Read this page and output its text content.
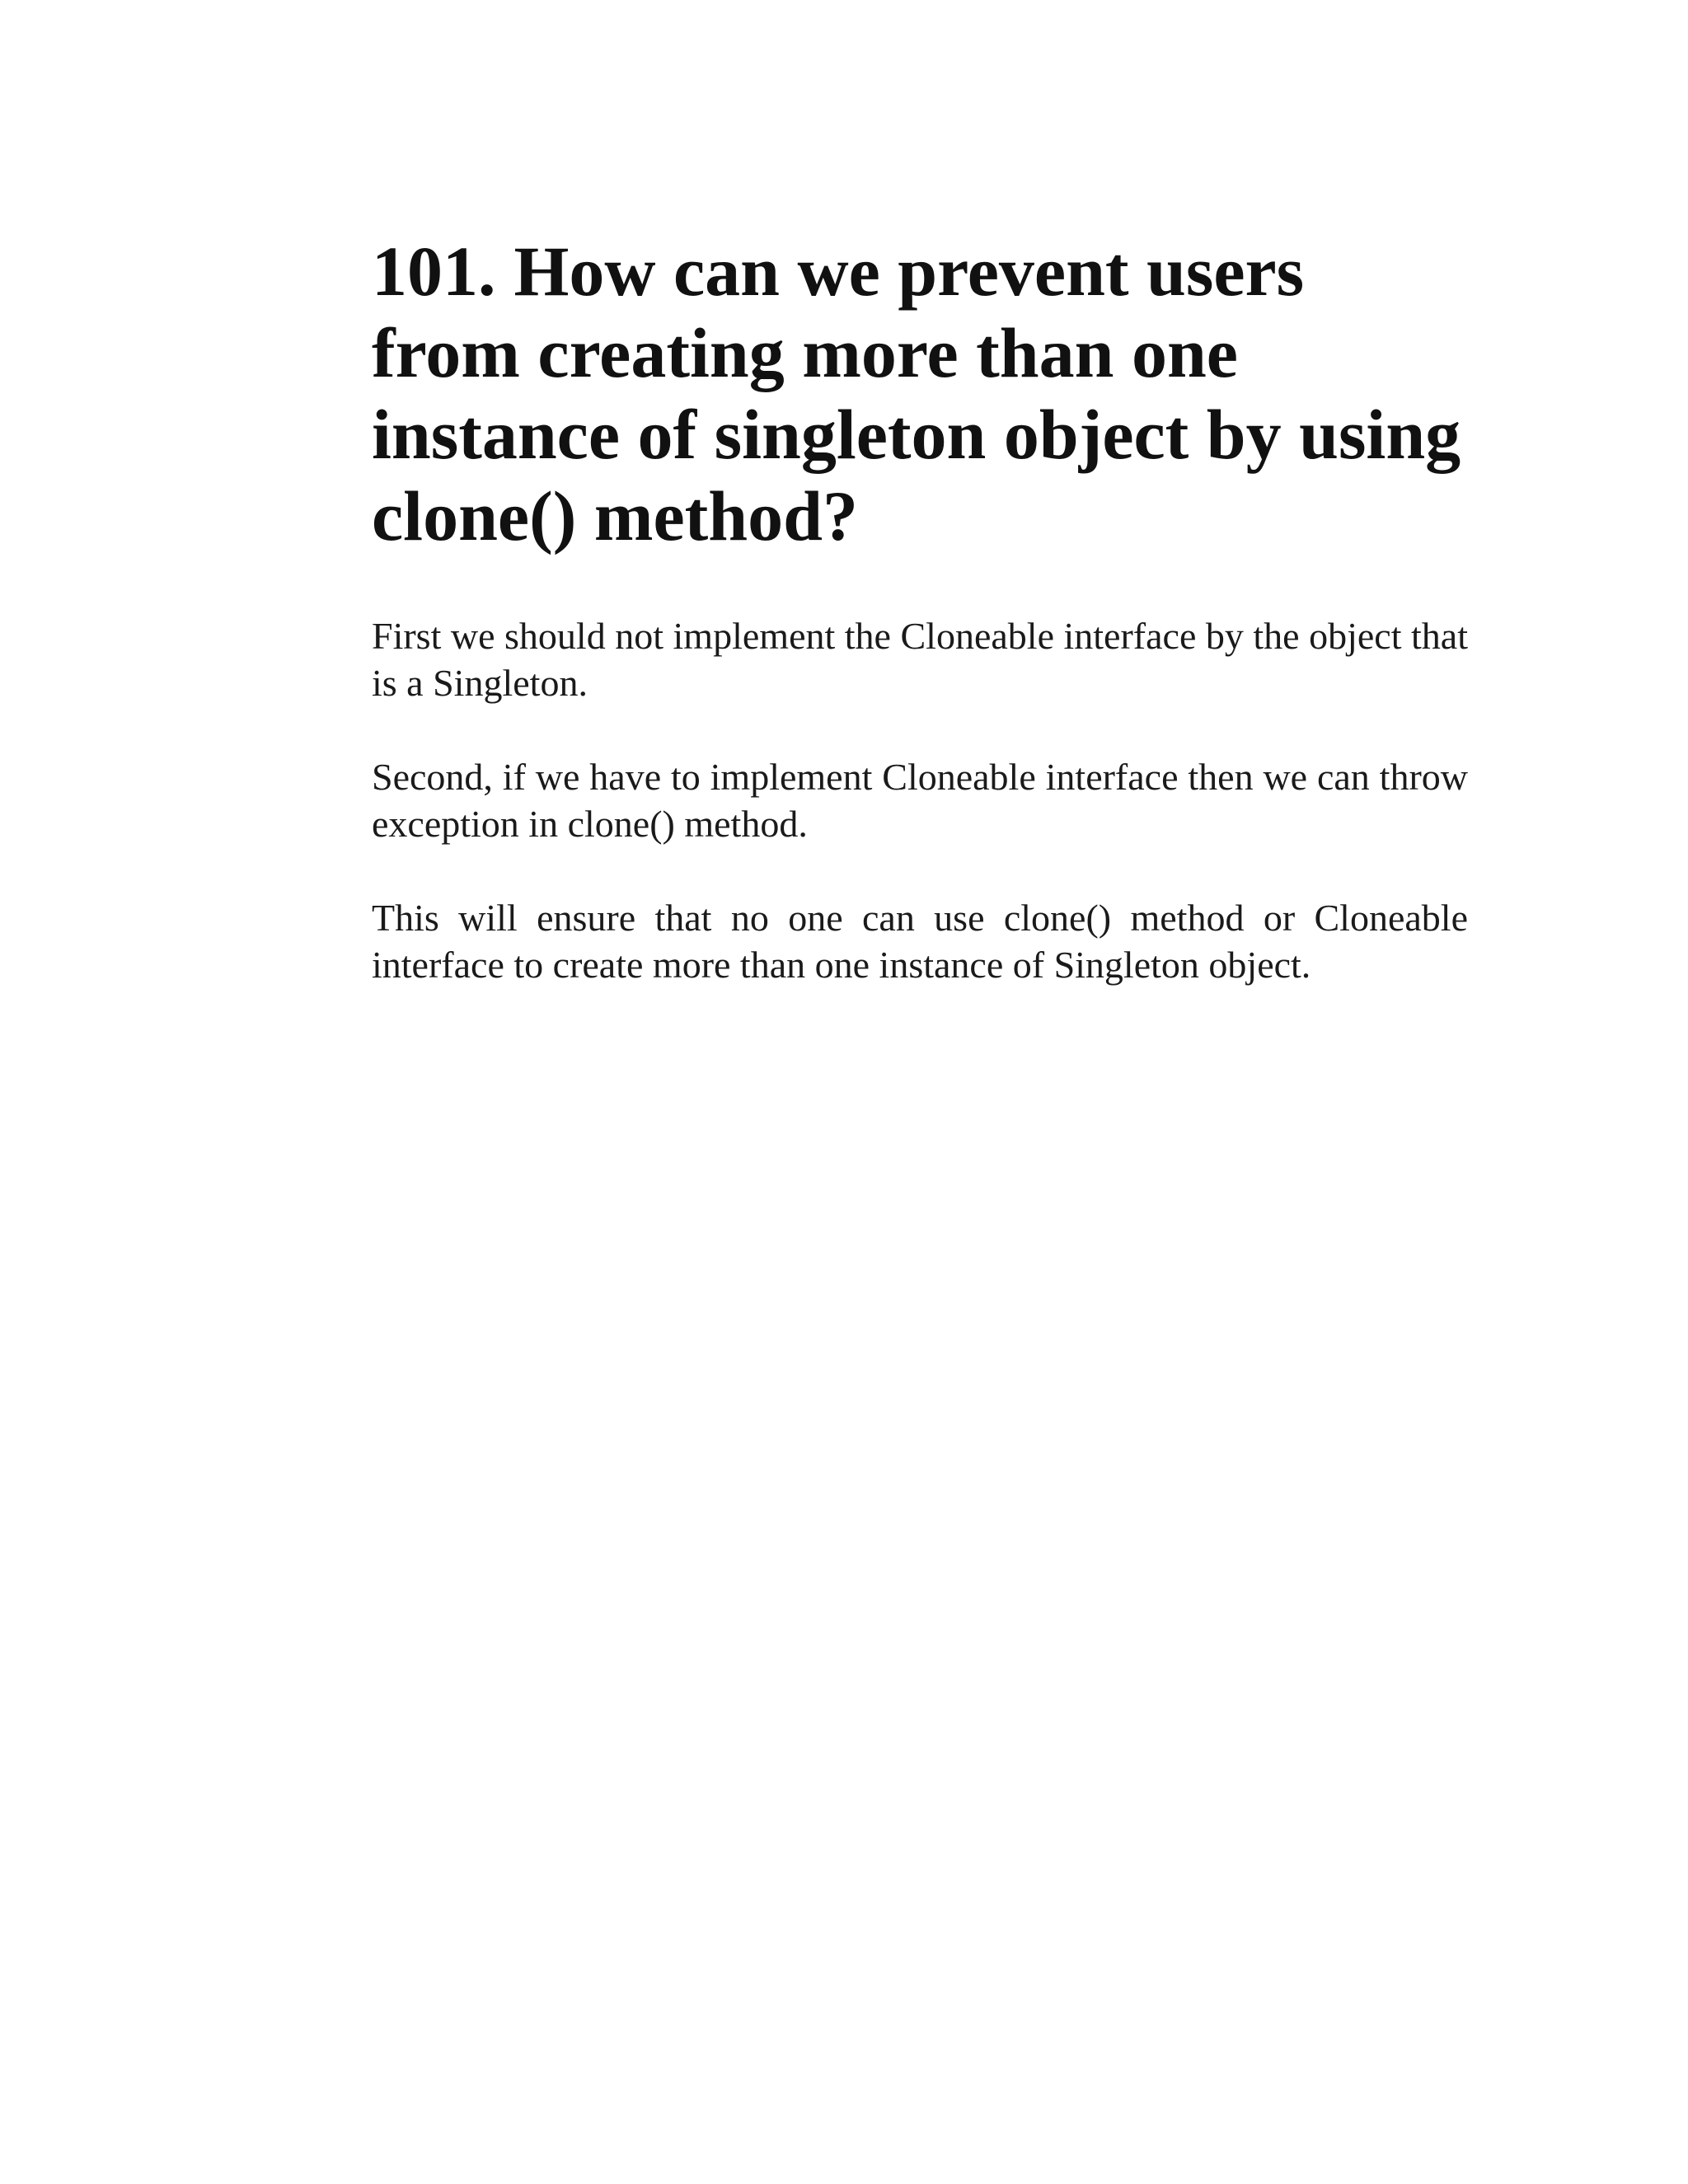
101. How can we prevent users from creating more than one instance of singleton object by using clone() method?

First we should not implement the Cloneable interface by the object that is a Singleton.

Second, if we have to implement Cloneable interface then we can throw exception in clone() method.

This will ensure that no one can use clone() method or Cloneable interface to create more than one instance of Singleton object.
